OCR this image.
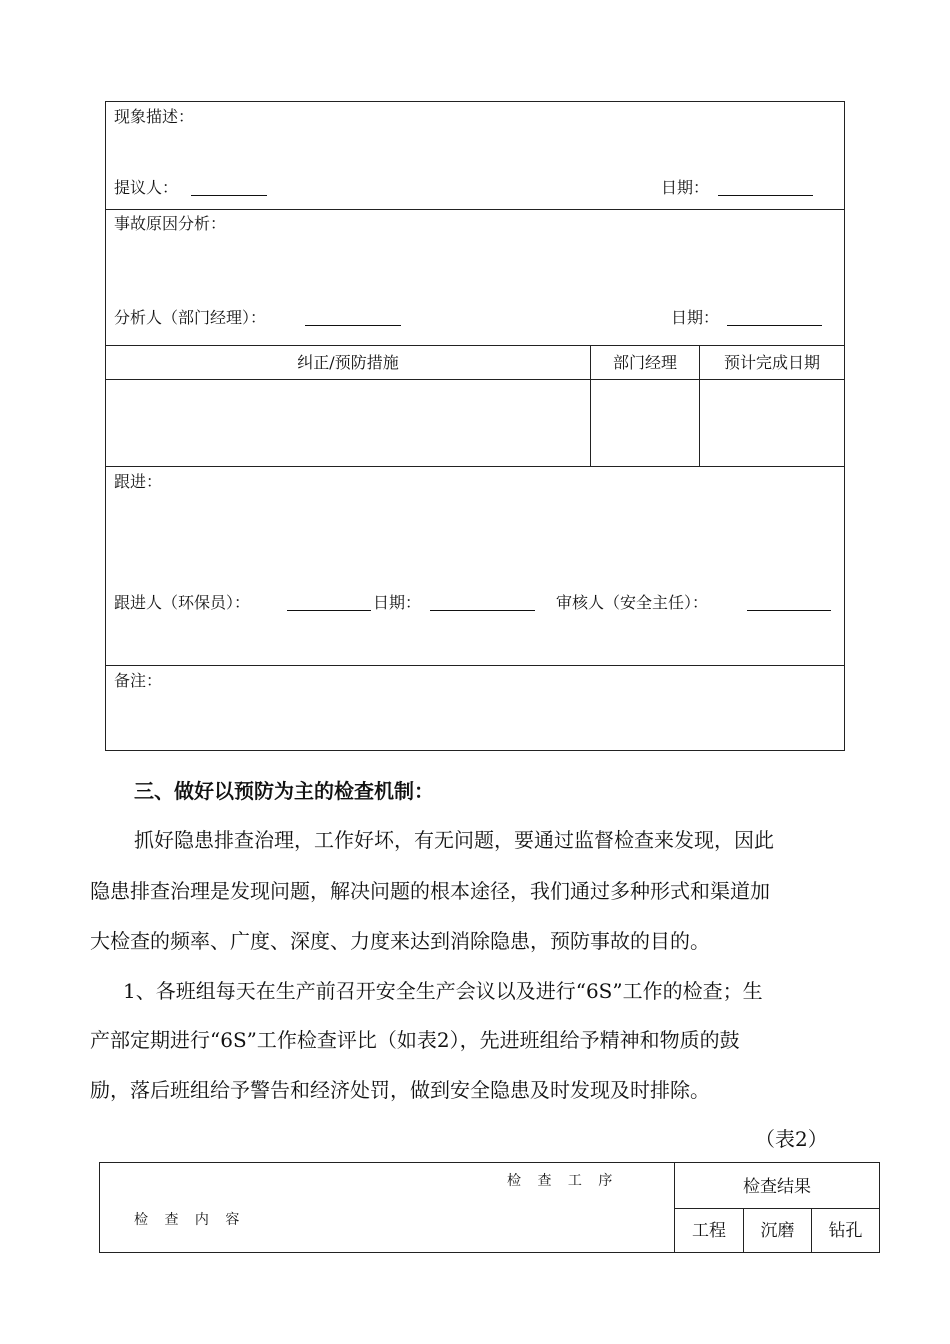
现象描述：
提议人：	日期：
事故原因分析：
分析人（部门经理）：	日期：
纠正/预防措施	部门经理	预计完成日期
跟进：
跟进人（环保员）：	日期：	审核人（安全主任）：
备注：
三、做好以预防为主的检查机制：
抓好隐患排查治理，工作好坏，有无问题，要通过监督检查来发现，因此
隐患排查治理是发现问题，解决问题的根本途径，我们通过多种形式和渠道加
大检查的频率、广度、深度、力度来达到消除隐患，预防事故的目的。
1、各班组每天在生产前召开安全生产会议以及进行“6S”工作的检查；生
产部定期进行“6S”工作检查评比（如表2），先进班组给予精神和物质的鼓
励，落后班组给予警告和经济处罚，做到安全隐患及时发现及时排除。
（表2）
检 查 工 序
检 查 内 容
检查结果
工程	沉磨	钻孔
